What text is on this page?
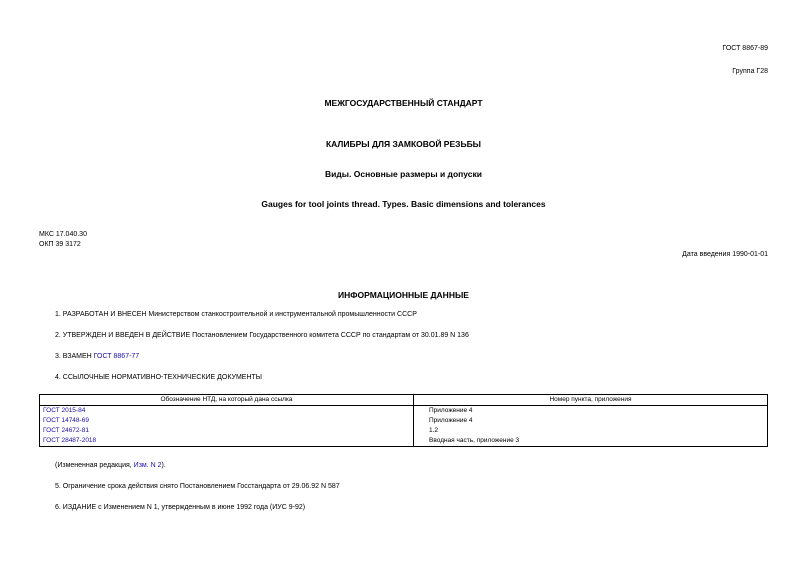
ГОСТ 8867-89
Группа Г28
МЕЖГОСУДАРСТВЕННЫЙ СТАНДАРТ
КАЛИБРЫ ДЛЯ ЗАМКОВОЙ РЕЗЬБЫ
Виды. Основные размеры и допуски
Gauges for tool joints thread. Types. Basic dimensions and tolerances
МКС 17.040.30
ОКП 39 3172
Дата введения 1990-01-01
ИНФОРМАЦИОННЫЕ ДАННЫЕ
1. РАЗРАБОТАН И ВНЕСЕН Министерством станкостроительной и инструментальной промышленности СССР
2. УТВЕРЖДЕН И ВВЕДЕН В ДЕЙСТВИЕ Постановлением Государственного комитета СССР по стандартам от 30.01.89 N 136
3. ВЗАМЕН ГОСТ 8867-77
4. ССЫЛОЧНЫЕ НОРМАТИВНО-ТЕХНИЧЕСКИЕ ДОКУМЕНТЫ
Обозначение НТД, на который дана ссылка	Номер пункта, приложения
ГОСТ 2015-84	Приложение 4
ГОСТ 14748-69	Приложение 4
ГОСТ 24672-81	1.2
ГОСТ 28487-2018	Вводная часть, приложение 3
(Измененная редакция, Изм. N 2).
5. Ограничение срока действия снято Постановлением Госстандарта от 29.06.92 N 587
6. ИЗДАНИЕ с Изменением N 1, утвержденным в июне 1992 года (ИУС 9-92)
